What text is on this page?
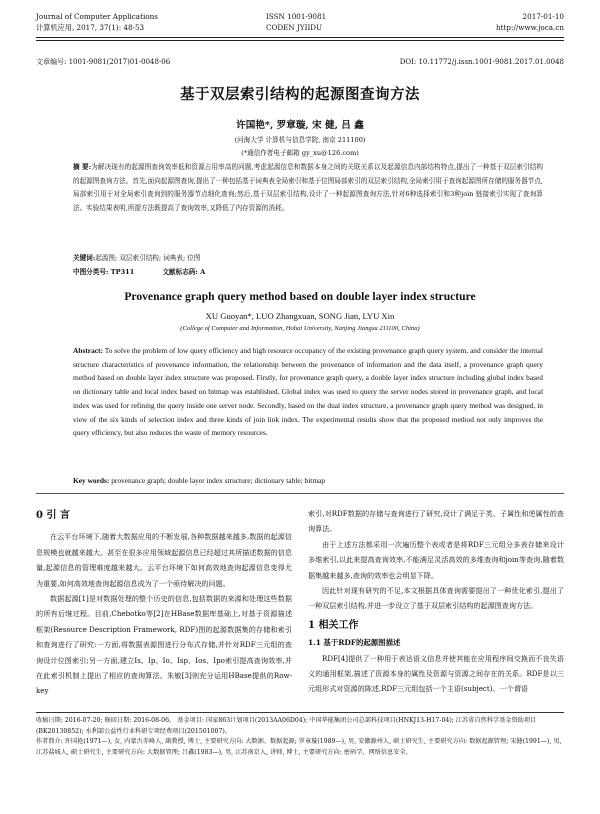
Journal of Computer Applications
计算机应用, 2017, 37(1): 48-53
ISSN 1001-9081
CODEN JYIIDU
2017-01-10
http://www.joca.cn
文章编号: 1001-9081(2017)01-0048-06	DOI: 10.11772/j.issn.1001-9081.2017.01.0048
基于双层索引结构的起源图查询方法
许国艳*, 罗章璇, 宋 健, 吕 鑫
(河海大学 计算机与信息学院, 南京 211100)
(*通信作者电子邮箱 gy_xu@126.com)

摘 要:为解决现有的起源图查询效率低和资源占用率高的问题,考虑起源信息和数据本身之间的关联关系以及起源信息内部结构特点,提出了一种基于双层索引结构的起源图查询方法。首先,面向起源图查询,提出了一种包括基于词典表全局索引和基于位图局部索引的双层索引结构,全局索引用于查询起源图所存储的服务器节点,局部索引用于对全局索引查询到的服务器节点细化查询;然后,基于双层索引结构,设计了一种起源图查询方法,针对6种选择索引和3种join 链接索引实现了查询算法。实验结果表明,所提方法既提高了查询效率,又降低了内存资源的消耗。

关键词:起源图; 双层索引结构; 词典表; 位图
中图分类号: TP311	文献标志码: A
Provenance graph query method based on double layer index structure
XU Guoyan*, LUO Zhangxuan, SONG Jian, LYU Xin
(College of Computer and Information, Hohai University, Nanjing Jiangsu 211100, China)

Abstract: To solve the problem of low query efficiency and high resource occupancy of the existing provenance graph query system, and consider the internal structure characteristics of provenance information, the relationship between the provenance of information and the data itself, a provenance graph query method based on double layer index structure was proposed. Firstly, for provenance graph query, a double layer index structure including global index based on dictionary table and local index based on bitmap was established. Global index was used to query the server nodes stored in provenance graph, and local index was used for refining the query inside one server node. Secondly, based on the dual index structure, a provenance graph query method was designed, in view of the six kinds of selection index and three kinds of join link index. The experimental results show that the proposed method not only improves the query efficiency, but also reduces the waste of memory resources.

Key words: provenance graph; double layer index structure; dictionary table; bitmap

0 引 言

在云平台环境下,随着大数据应用的不断发展,各种数据越来越多,数据的起源信息规模也就越来越大。甚至在很多应用领域起源信息已经超过其所描述数据的信息量,起源信息的管理难度越来越大。云平台环境下如何高效地查询起源信息变得尤为重要,如何高效地查询起源信息成为了一个亟待解决的问题。

数据起源[1]是对数据处理的整个历史的信息,包括数据的来源和处理这些数据的所有后继过程。目前,Chebotko等[2]在HBase数据库基础上,对基于资源描述框架(Resource Description Framework, RDF)图的起源数据集的存储和索引和查询进行了研究:一方面,将数据表源图进行分布式存储,并针对RDF三元组的查询设计位图索引;另一方面,建立Is、Ip、Io、Isp、Ios、Ipo索引提高查询效率,并在此索引机制上提出了相应的查询算法。朱敏[3]则充分运用HBase提供的Row-key

索引,对RDF数据的存储与查询进行了研究,设计了满足于类、子属性和逆属性的查询算法。

由于上述方法都采用一次遍历整个表或者是将RDF三元组分多表存储来设计多维索引,以此来提高查询效率,不能满足灵活高效的多维查询和join等查询,随着数据集越来越多,查询的效率也会明显下降。

因此针对现有研究的不足,本文根据具体查询需要提出了一种优化索引,提出了一种双层索引结构,并进一步设立了基于双层索引结构的起源图查询方法。

1 相关工作

1.1 基于RDF的起源图描述

RDF[4]提供了一种用于表达语义信息并使其能在应用程序间交换而不丧失语义的通用框架,描述了资源本身的属性及资源与资源之间存在的关系。RDF是以三元组形式对资源的陈述,RDF三元组包括一个主语(subject)、一个谓语

收稿日期: 2016-07-20; 修回日期: 2016-08-06。 基金项目: 国家863计划项目(2013AA06D04); 中国华能集团公司总部科技项目(HNKJ13-H17-04); 江苏省自然科学基金资助项目(BK20130852); 水利部公益性行业科研专项经费项目(201501007)。

作者简介: 许国艳(1971—), 女, 内蒙古赤峰人, 副教授, 博士, 主要研究方向: 大数据、数据起源; 罗章璇(1989—), 男, 安徽滁州人, 硕士研究生, 主要研究方向: 数据起源管理; 宋健(1991—), 男, 江苏盐城人, 硕士研究生, 主要研究方向: 大数据管理; 吕鑫(1983—), 男, 江苏南京人, 讲师, 博士, 主要研究方向: 密码学、网络信息安全。
